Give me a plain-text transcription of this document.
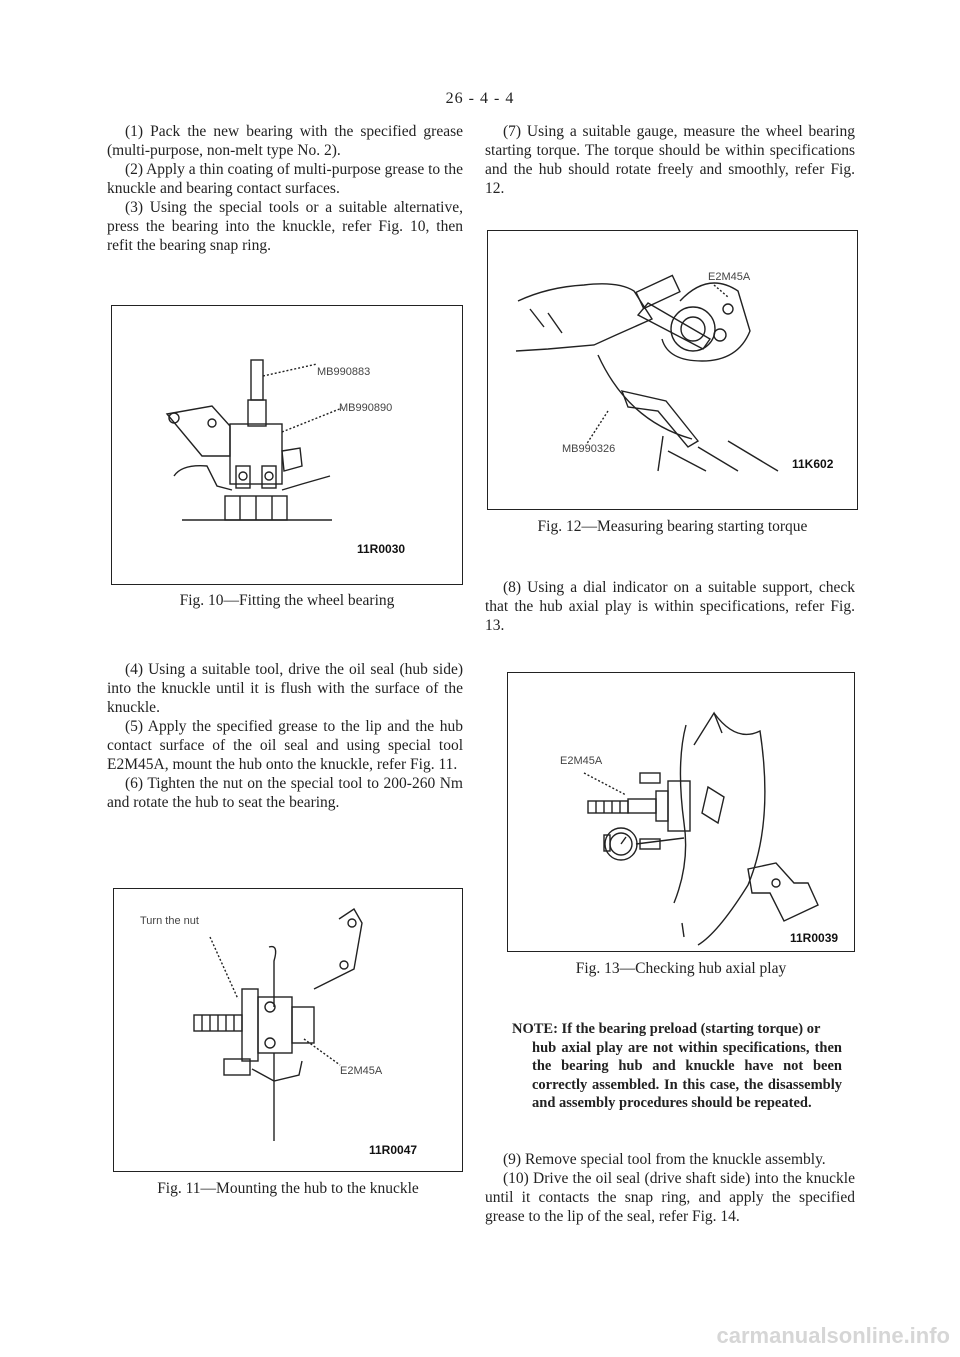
26 - 4 - 4

(1) Pack the new bearing with the specified grease (multi-purpose, non-melt type No. 2).

(2) Apply a thin coating of multi-purpose grease to the knuckle and bearing contact surfaces.

(3) Using the special tools or a suitable alternative, press the bearing into the knuckle, refer Fig. 10, then refit the bearing snap ring.

MB990883
MB990890
11R0030
Fig. 10—Fitting the wheel bearing

(4) Using a suitable tool, drive the oil seal (hub side) into the knuckle until it is flush with the surface of the knuckle.

(5) Apply the specified grease to the lip and the hub contact surface of the oil seal and using special tool E2M45A, mount the hub onto the knuckle, refer Fig. 11.

(6) Tighten the nut on the special tool to 200-260 Nm and rotate the hub to seat the bearing.

Turn the nut
E2M45A
11R0047
Fig. 11—Mounting the hub to the knuckle

(7) Using a suitable gauge, measure the wheel bearing starting torque. The torque should be within specifications and the hub should rotate freely and smoothly, refer Fig. 12.

E2M45A
MB990326
11K602
Fig. 12—Measuring bearing starting torque

(8) Using a dial indicator on a suitable support, check that the hub axial play is within specifications, refer Fig. 13.

E2M45A
11R0039
Fig. 13—Checking hub axial play
NOTE: If the bearing preload (starting torque) or
hub axial play are not within specifications, then the bearing hub and knuckle have not been correctly assembled. In this case, the disassembly and assembly procedures should be repeated.

(9) Remove special tool from the knuckle assembly.

(10) Drive the oil seal (drive shaft side) into the knuckle until it contacts the snap ring, and apply the specified grease to the lip of the seal, refer Fig. 14.

carmanualsonline.info
